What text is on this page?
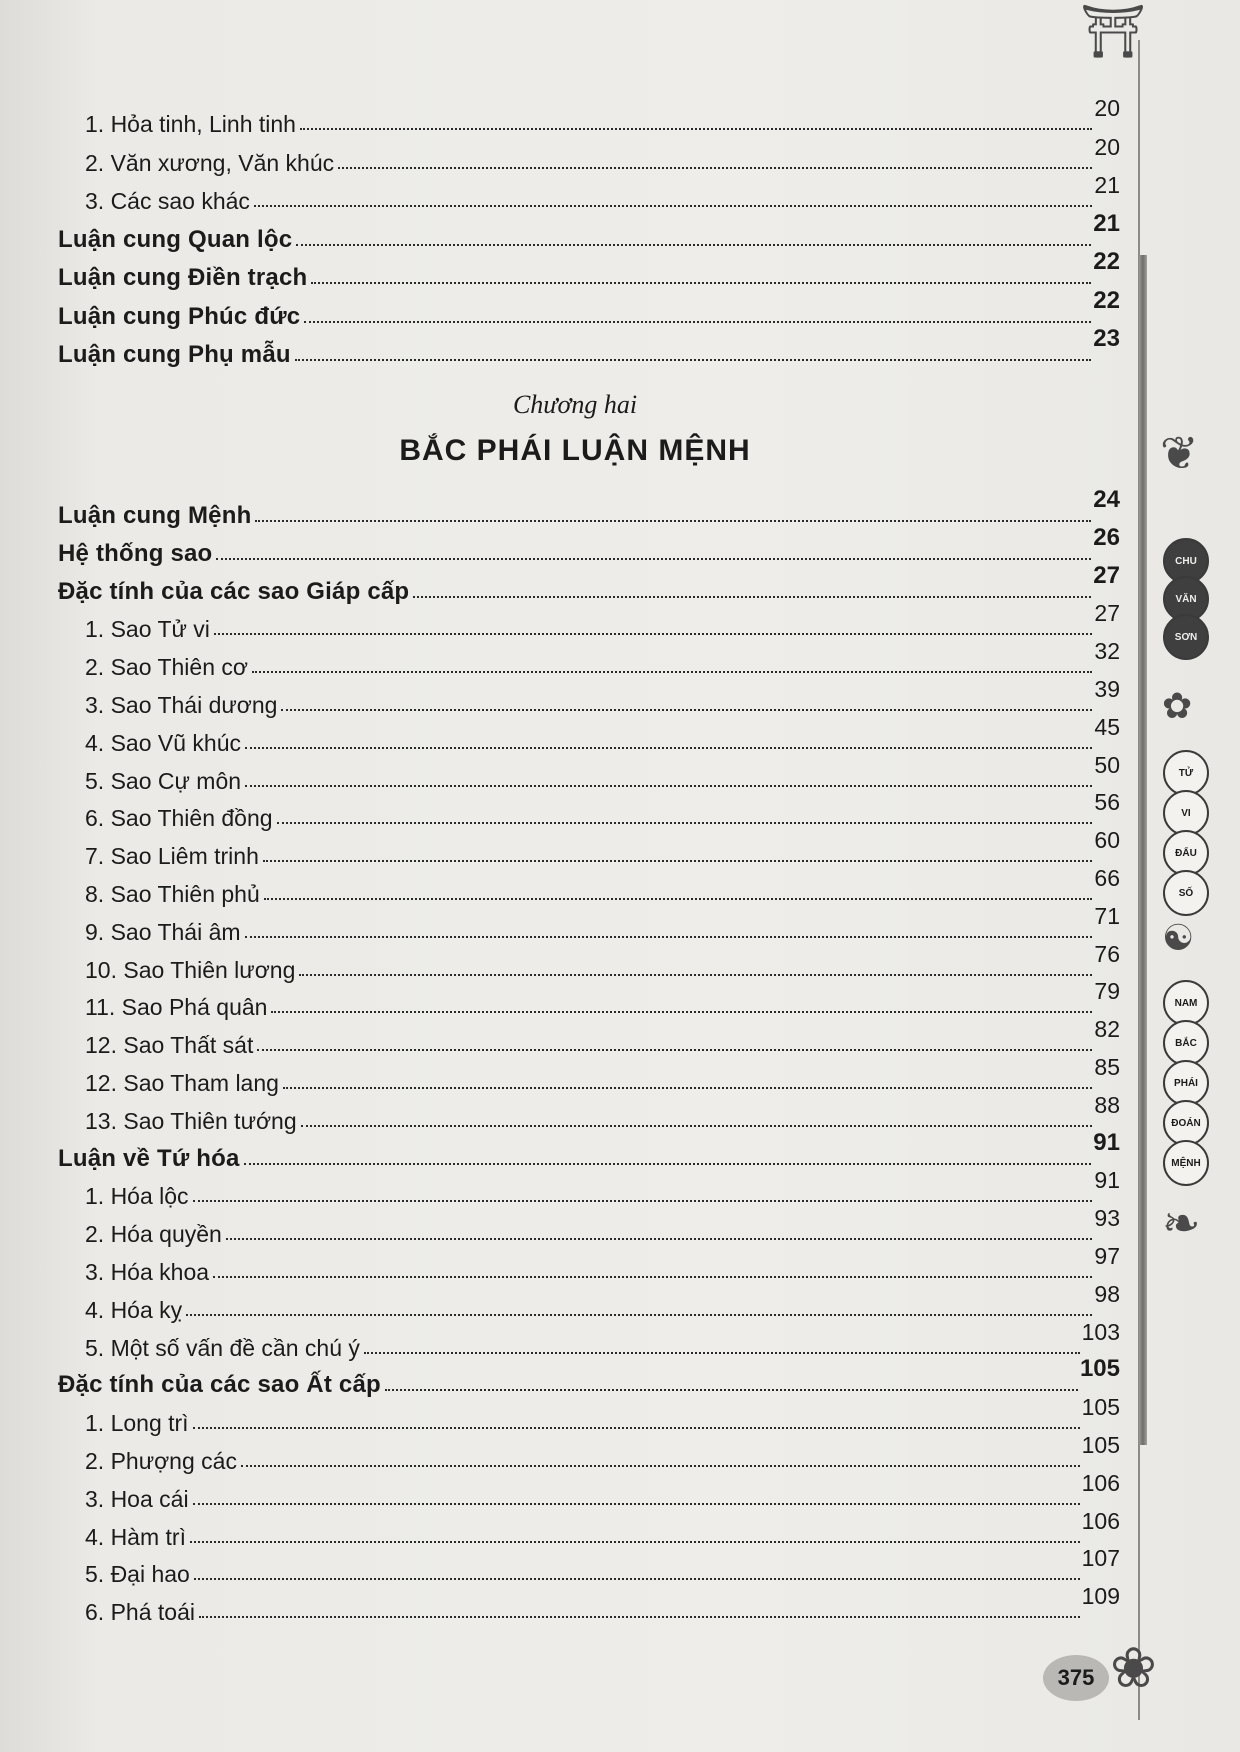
⛩
1. Hỏa tinh, Linh tinh
20
2. Văn xương, Văn khúc
20
3. Các sao khác
21
Luận cung Quan lộc
21
Luận cung Điền trạch
22
Luận cung Phúc đức
22
Luận cung Phụ mẫu
23
Chương hai
BẮC PHÁI LUẬN MỆNH
Luận cung Mệnh
24
Hệ thống sao
26
Đặc tính của các sao Giáp cấp
27
1. Sao Tử vi
27
2. Sao Thiên cơ
32
3. Sao Thái dương
39
4. Sao Vũ khúc
45
5. Sao Cự môn
50
6. Sao Thiên đồng
56
7. Sao Liêm trinh
60
8. Sao Thiên phủ
66
9. Sao Thái âm
71
10. Sao Thiên lương
76
11. Sao Phá quân
79
12. Sao Thất sát
82
12. Sao Tham lang
85
13. Sao Thiên tướng
88
Luận về Tứ hóa
91
1. Hóa lộc
91
2. Hóa quyền
93
3. Hóa khoa
97
4. Hóa kỵ
98
5. Một số vấn đề cần chú ý
103
Đặc tính của các sao Ất cấp
105
1. Long trì
105
2. Phượng các
105
3. Hoa cái
106
4. Hàm trì
106
5. Đại hao
107
6. Phá toái
109
❦
✿
☯
❧
❀
CHU
VĂN
SƠN
TỬ
VI
ĐẨU
SỐ
NAM
BẮC
PHÁI
ĐOÁN
MỆNH
375
